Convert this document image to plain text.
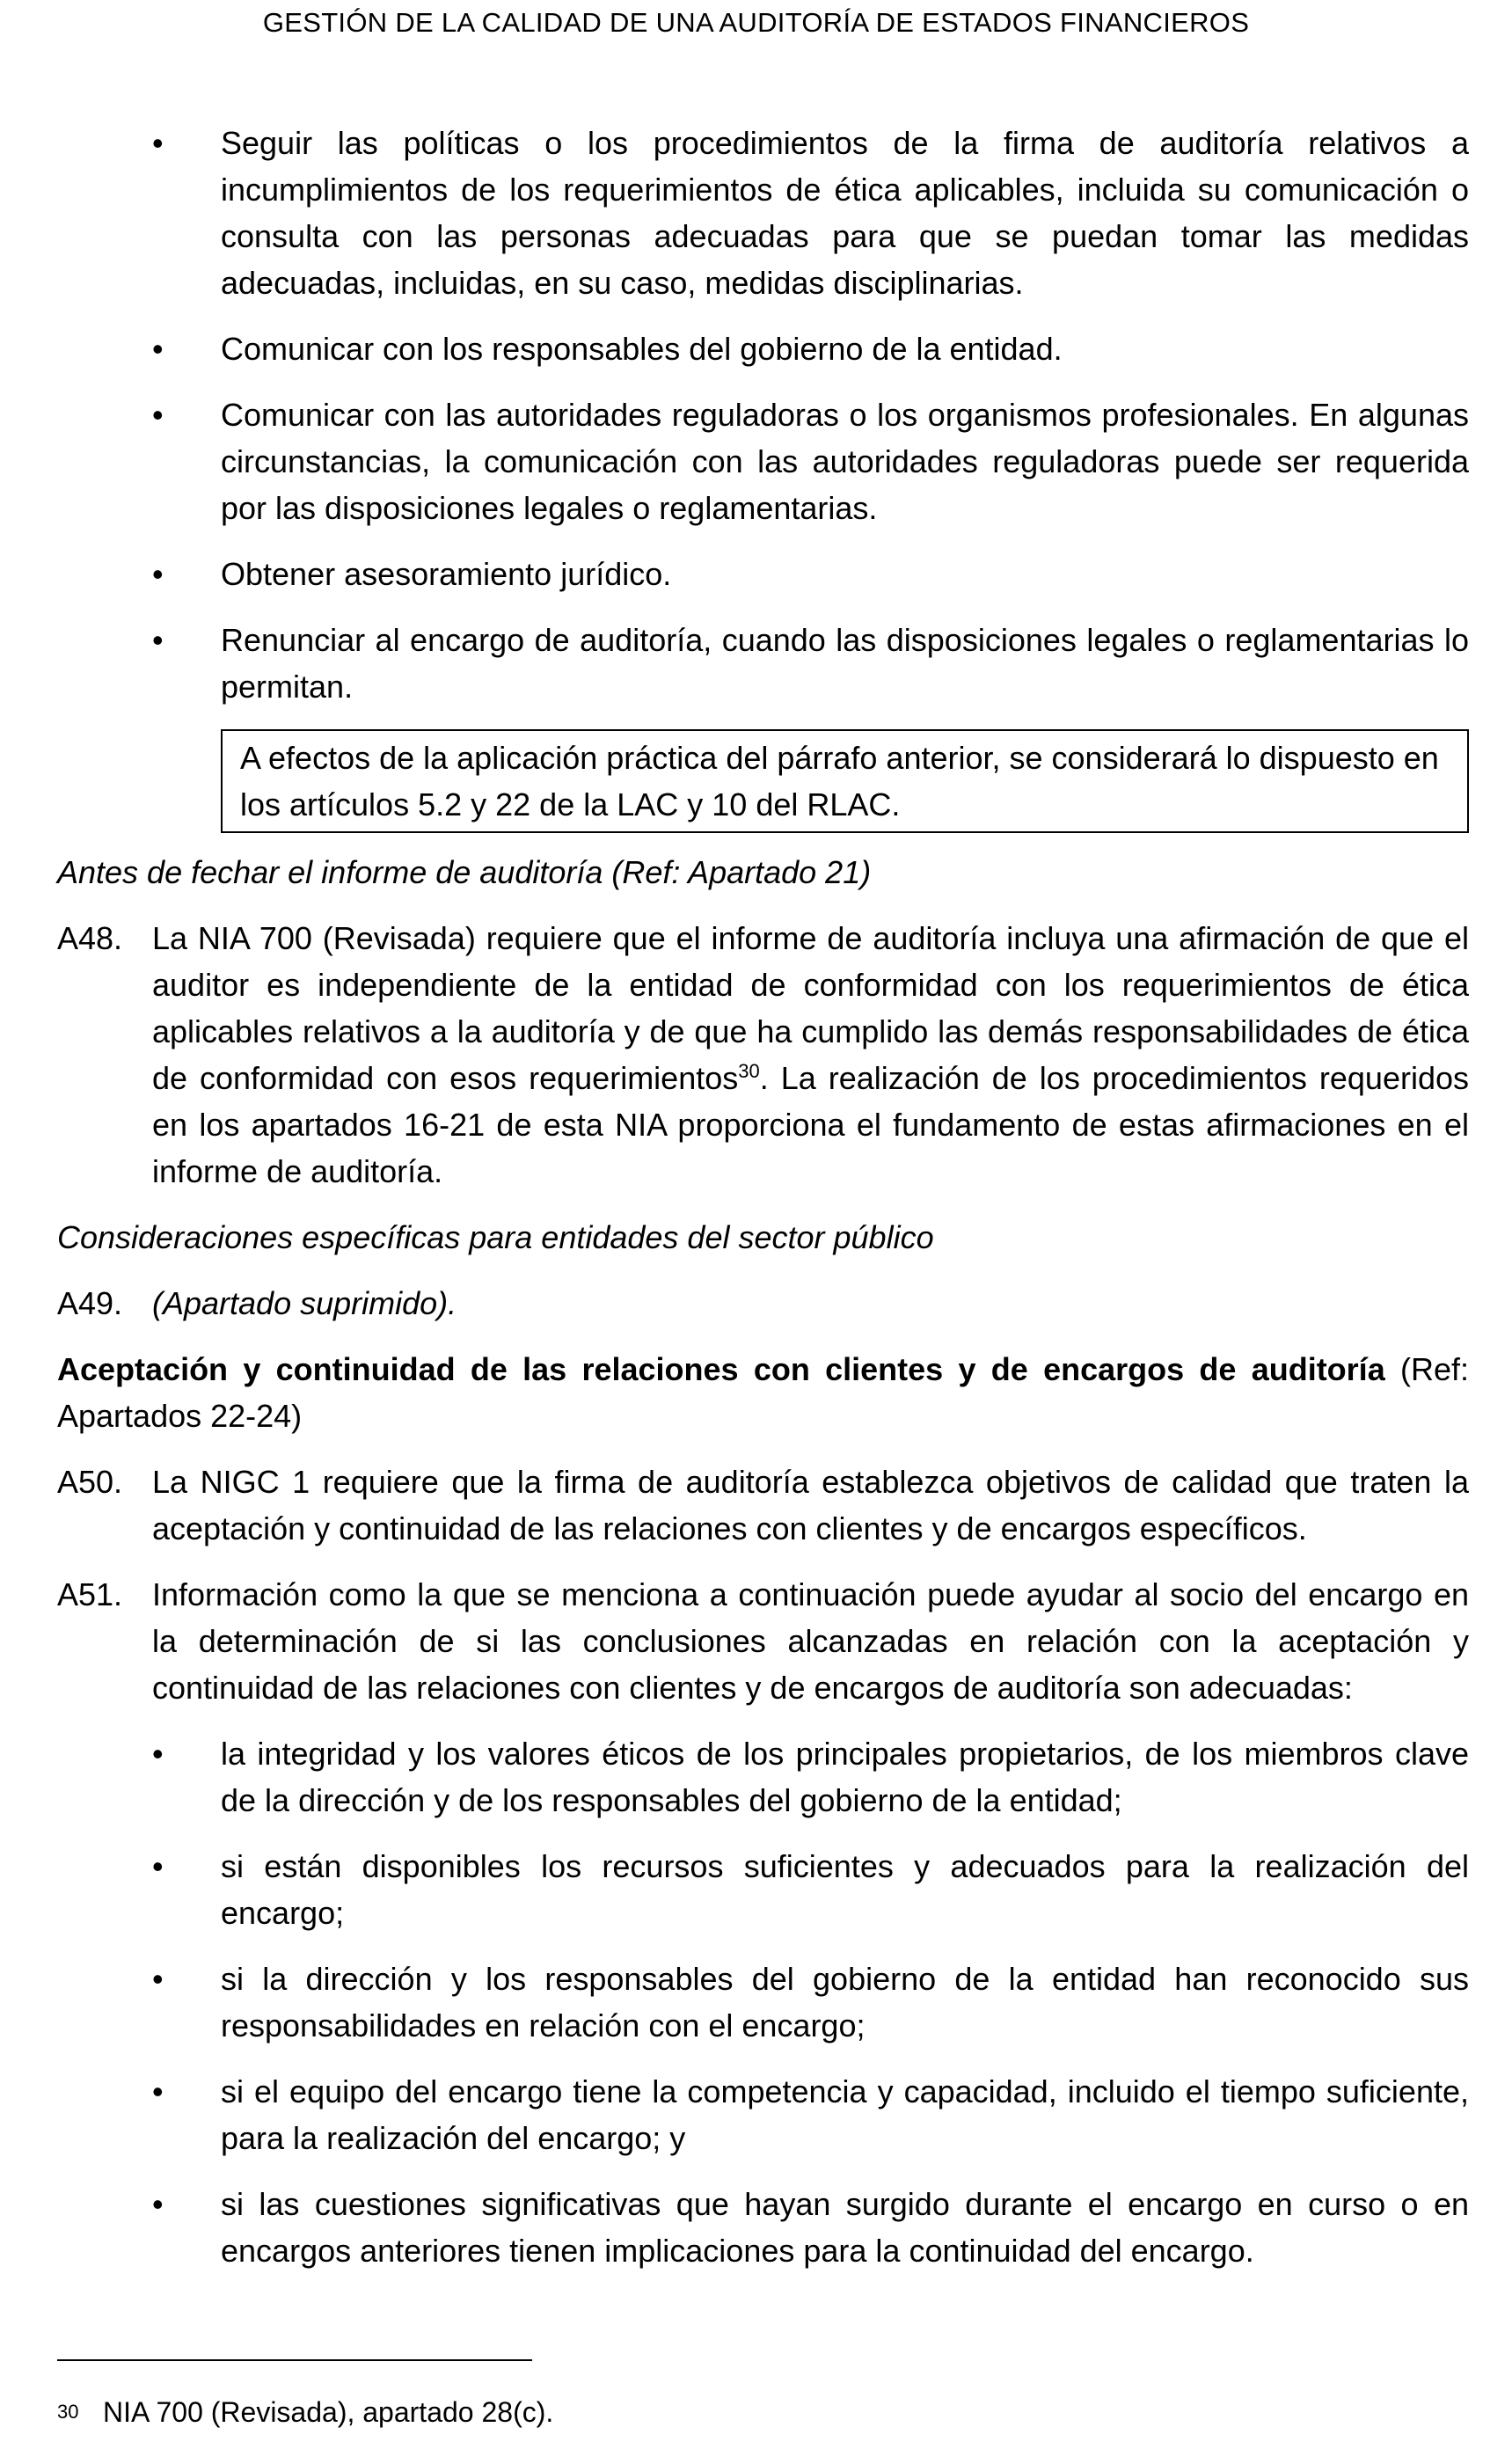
GESTIÓN DE LA CALIDAD DE UNA AUDITORÍA DE ESTADOS FINANCIEROS
• Seguir las políticas o los procedimientos de la firma de auditoría relativos a incumplimientos de los requerimientos de ética aplicables, incluida su comunicación o consulta con las personas adecuadas para que se puedan tomar las medidas adecuadas, incluidas, en su caso, medidas disciplinarias.
• Comunicar con los responsables del gobierno de la entidad.
• Comunicar con las autoridades reguladoras o los organismos profesionales. En algunas circunstancias, la comunicación con las autoridades reguladoras puede ser requerida por las disposiciones legales o reglamentarias.
• Obtener asesoramiento jurídico.
• Renunciar al encargo de auditoría, cuando las disposiciones legales o reglamentarias lo permitan.
A efectos de la aplicación práctica del párrafo anterior, se considerará lo dispuesto en los artículos 5.2 y 22 de la LAC y 10 del RLAC.

Antes de fechar el informe de auditoría (Ref: Apartado 21)

A48. La NIA 700 (Revisada) requiere que el informe de auditoría incluya una afirmación de que el auditor es independiente de la entidad de conformidad con los requerimientos de ética aplicables relativos a la auditoría y de que ha cumplido las demás responsabilidades de ética de conformidad con esos requerimientos$^{30}$. La realización de los procedimientos requeridos en los apartados 16-21 de esta NIA proporciona el fundamento de estas afirmaciones en el informe de auditoría.

Consideraciones específicas para entidades del sector público

A49. (Apartado suprimido).

Aceptación y continuidad de las relaciones con clientes y de encargos de auditoría (Ref: Apartados 22-24)

A50. La NIGC 1 requiere que la firma de auditoría establezca objetivos de calidad que traten la aceptación y continuidad de las relaciones con clientes y de encargos específicos.
A51. Información como la que se menciona a continuación puede ayudar al socio del encargo en la determinación de si las conclusiones alcanzadas en relación con la aceptación y continuidad de las relaciones con clientes y de encargos de auditoría son adecuadas:
• la integridad y los valores éticos de los principales propietarios, de los miembros clave de la dirección y de los responsables del gobierno de la entidad;
• si están disponibles los recursos suficientes y adecuados para la realización del encargo;
• si la dirección y los responsables del gobierno de la entidad han reconocido sus responsabilidades en relación con el encargo;
• si el equipo del encargo tiene la competencia y capacidad, incluido el tiempo suficiente, para la realización del encargo; y
• si las cuestiones significativas que hayan surgido durante el encargo en curso o en encargos anteriores tienen implicaciones para la continuidad del encargo.
30 NIA 700 (Revisada), apartado 28(c).
